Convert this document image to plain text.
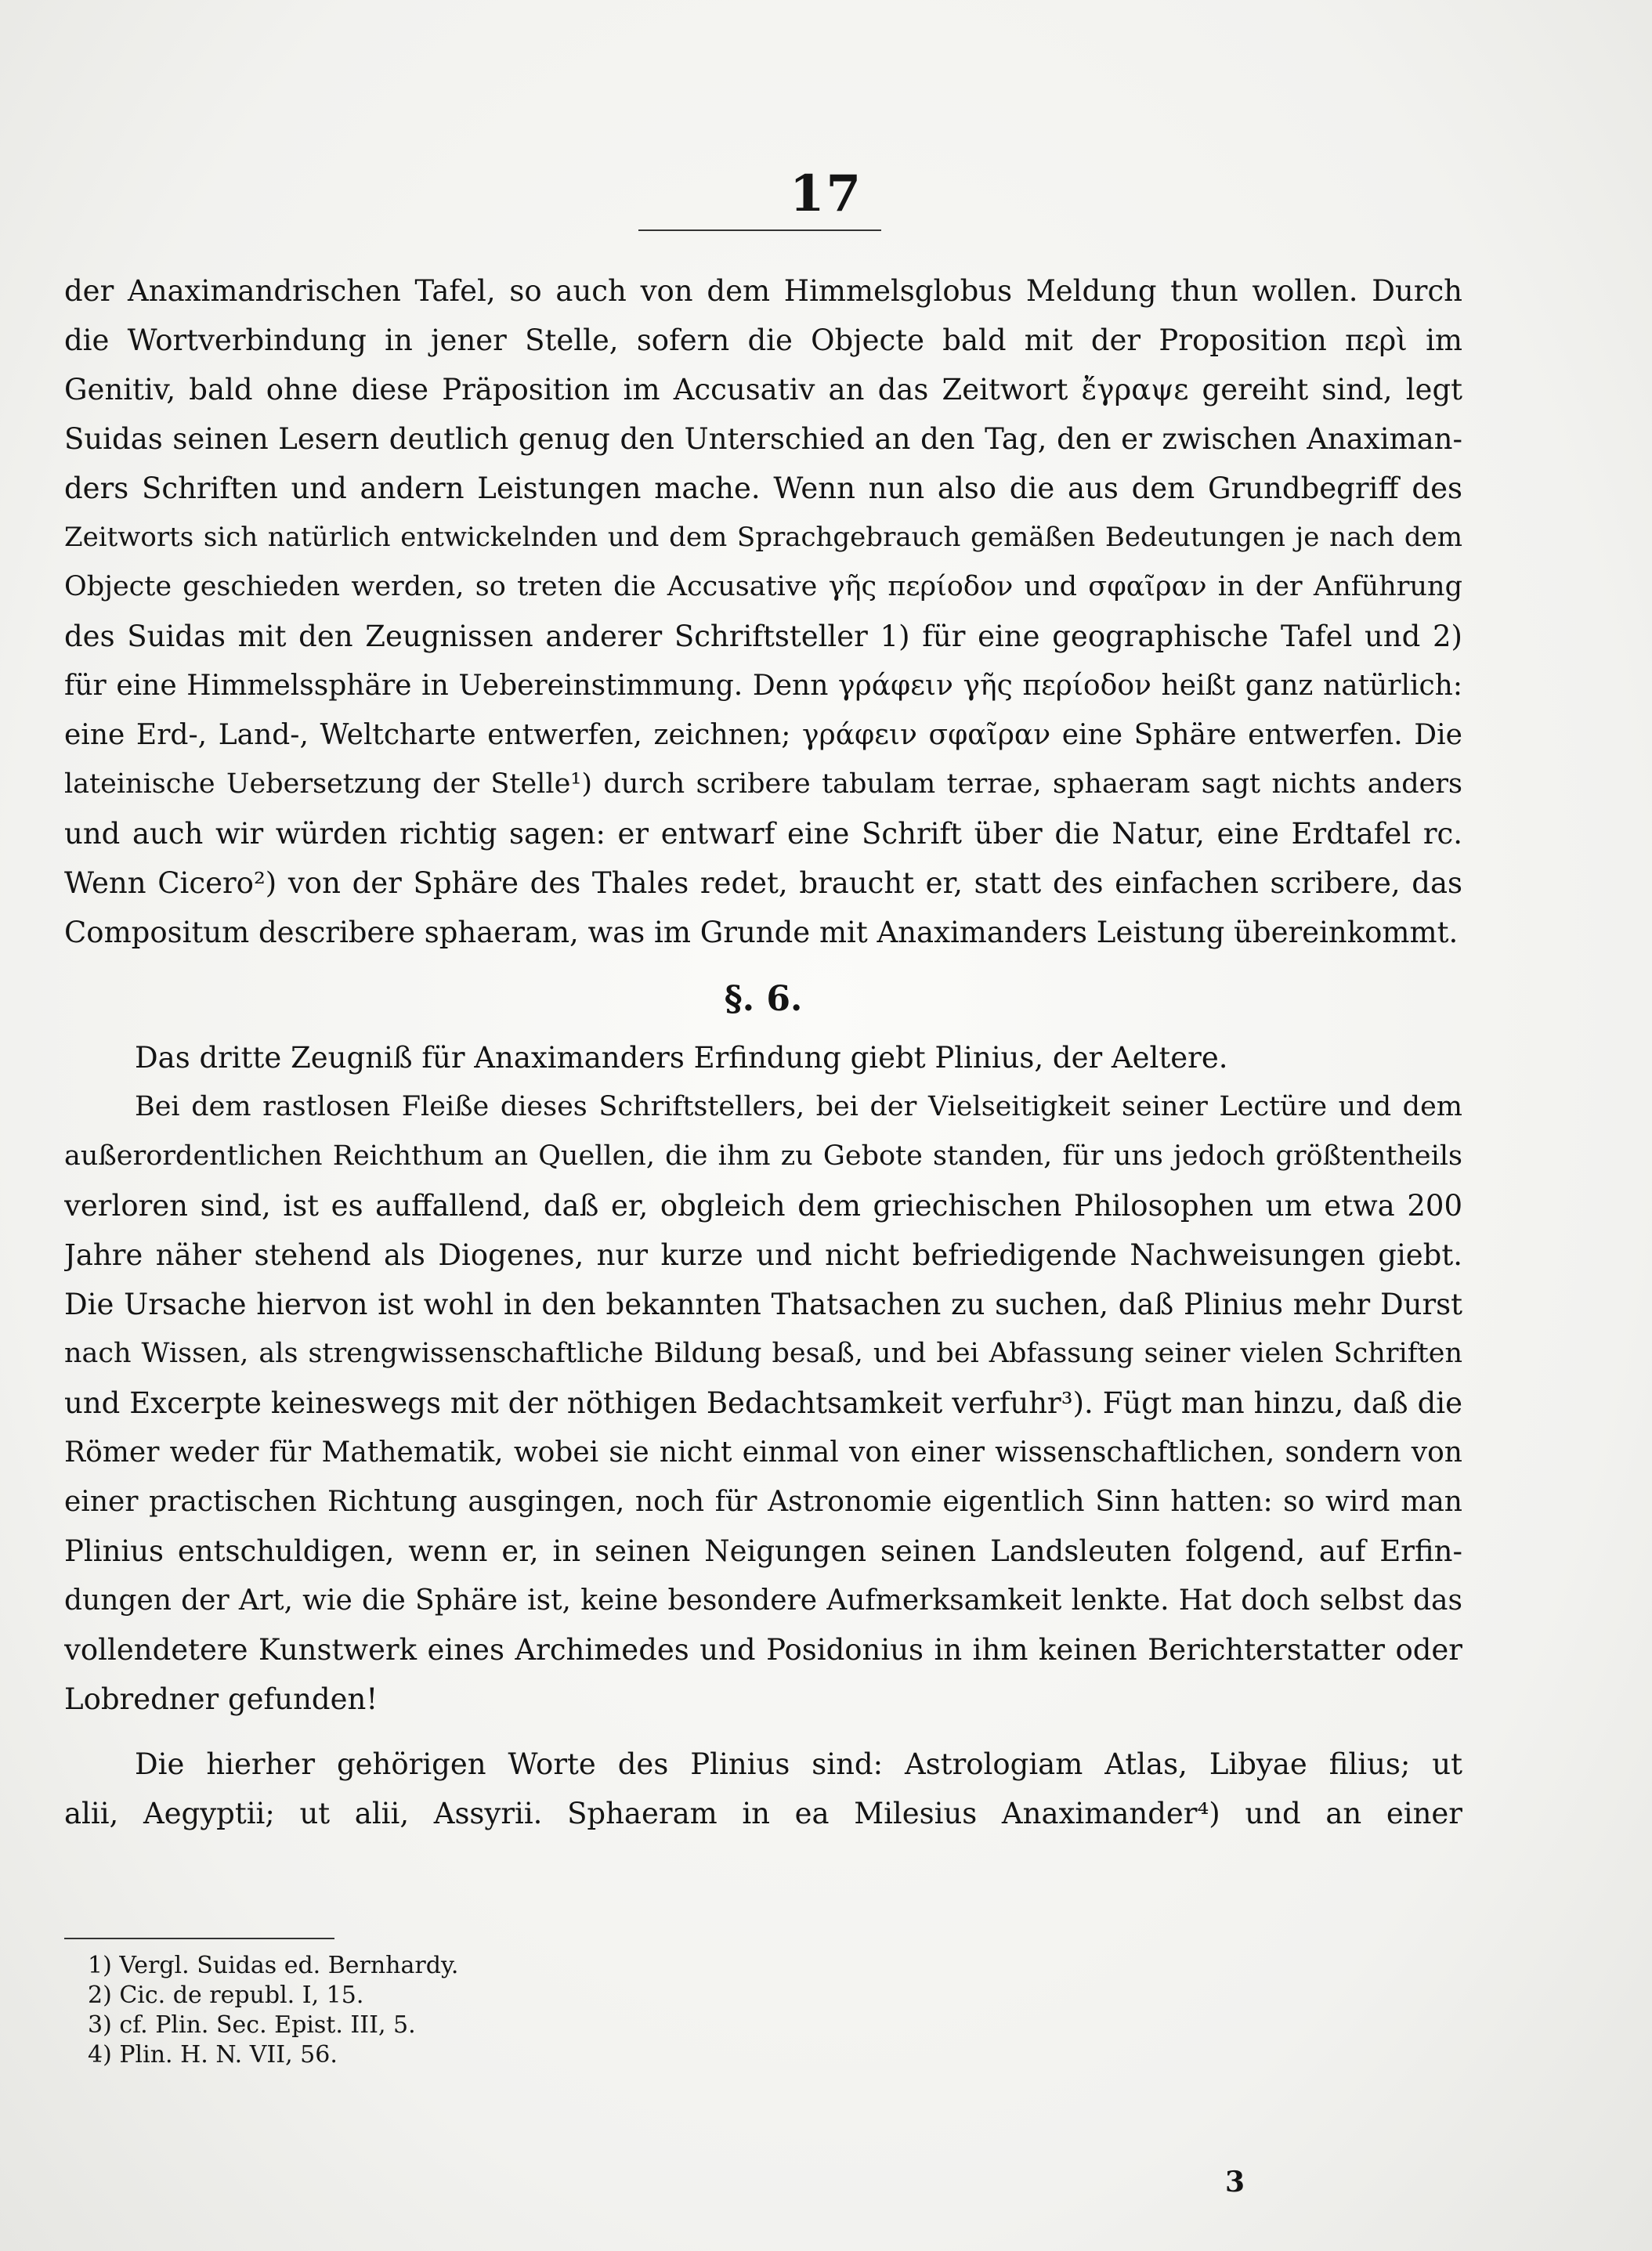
17
der Anaximandrischen Tafel, so auch von dem Himmelsglobus Meldung thun wollen. Durch
die Wortverbindung in jener Stelle, sofern die Objecte bald mit der Proposition περὶ im
Genitiv, bald ohne diese Präposition im Accusativ an das Zeitwort ἔγραψε gereiht sind, legt
Suidas seinen Lesern deutlich genug den Unterschied an den Tag, den er zwischen Anaximan-
ders Schriften und andern Leistungen mache. Wenn nun also die aus dem Grundbegriff des
Zeitworts sich natürlich entwickelnden und dem Sprachgebrauch gemäßen Bedeutungen je nach dem
Objecte geschieden werden, so treten die Accusative γῆς περίοδον und σφαῖραν in der Anführung
des Suidas mit den Zeugnissen anderer Schriftsteller 1) für eine geographische Tafel und 2)
für eine Himmelssphäre in Uebereinstimmung. Denn γράφειν γῆς περίοδον heißt ganz natürlich:
eine Erd-, Land-, Weltcharte entwerfen, zeichnen; γράφειν σφαῖραν eine Sphäre entwerfen. Die
lateinische Uebersetzung der Stelle¹) durch scribere tabulam terrae, sphaeram sagt nichts anders
und auch wir würden richtig sagen: er entwarf eine Schrift über die Natur, eine Erdtafel rc.
Wenn Cicero²) von der Sphäre des Thales redet, braucht er, statt des einfachen scribere, das
Compositum describere sphaeram, was im Grunde mit Anaximanders Leistung übereinkommt.
§. 6.
Das dritte Zeugniß für Anaximanders Erfindung giebt Plinius, der Aeltere.
Bei dem rastlosen Fleiße dieses Schriftstellers, bei der Vielseitigkeit seiner Lectüre und dem
außerordentlichen Reichthum an Quellen, die ihm zu Gebote standen, für uns jedoch größtentheils
verloren sind, ist es auffallend, daß er, obgleich dem griechischen Philosophen um etwa 200
Jahre näher stehend als Diogenes, nur kurze und nicht befriedigende Nachweisungen giebt.
Die Ursache hiervon ist wohl in den bekannten Thatsachen zu suchen, daß Plinius mehr Durst
nach Wissen, als strengwissenschaftliche Bildung besaß, und bei Abfassung seiner vielen Schriften
und Excerpte keineswegs mit der nöthigen Bedachtsamkeit verfuhr³). Fügt man hinzu, daß die
Römer weder für Mathematik, wobei sie nicht einmal von einer wissenschaftlichen, sondern von
einer practischen Richtung ausgingen, noch für Astronomie eigentlich Sinn hatten: so wird man
Plinius entschuldigen, wenn er, in seinen Neigungen seinen Landsleuten folgend, auf Erfin-
dungen der Art, wie die Sphäre ist, keine besondere Aufmerksamkeit lenkte. Hat doch selbst das
vollendetere Kunstwerk eines Archimedes und Posidonius in ihm keinen Berichterstatter oder
Lobredner gefunden!
Die hierher gehörigen Worte des Plinius sind: Astrologiam Atlas, Libyae filius; ut
alii, Aegyptii; ut alii, Assyrii. Sphaeram in ea Milesius Anaximander⁴) und an einer
1) Vergl. Suidas ed. Bernhardy.
2) Cic. de republ. I, 15.
3) cf. Plin. Sec. Epist. III, 5.
4) Plin. H. N. VII, 56.
3
